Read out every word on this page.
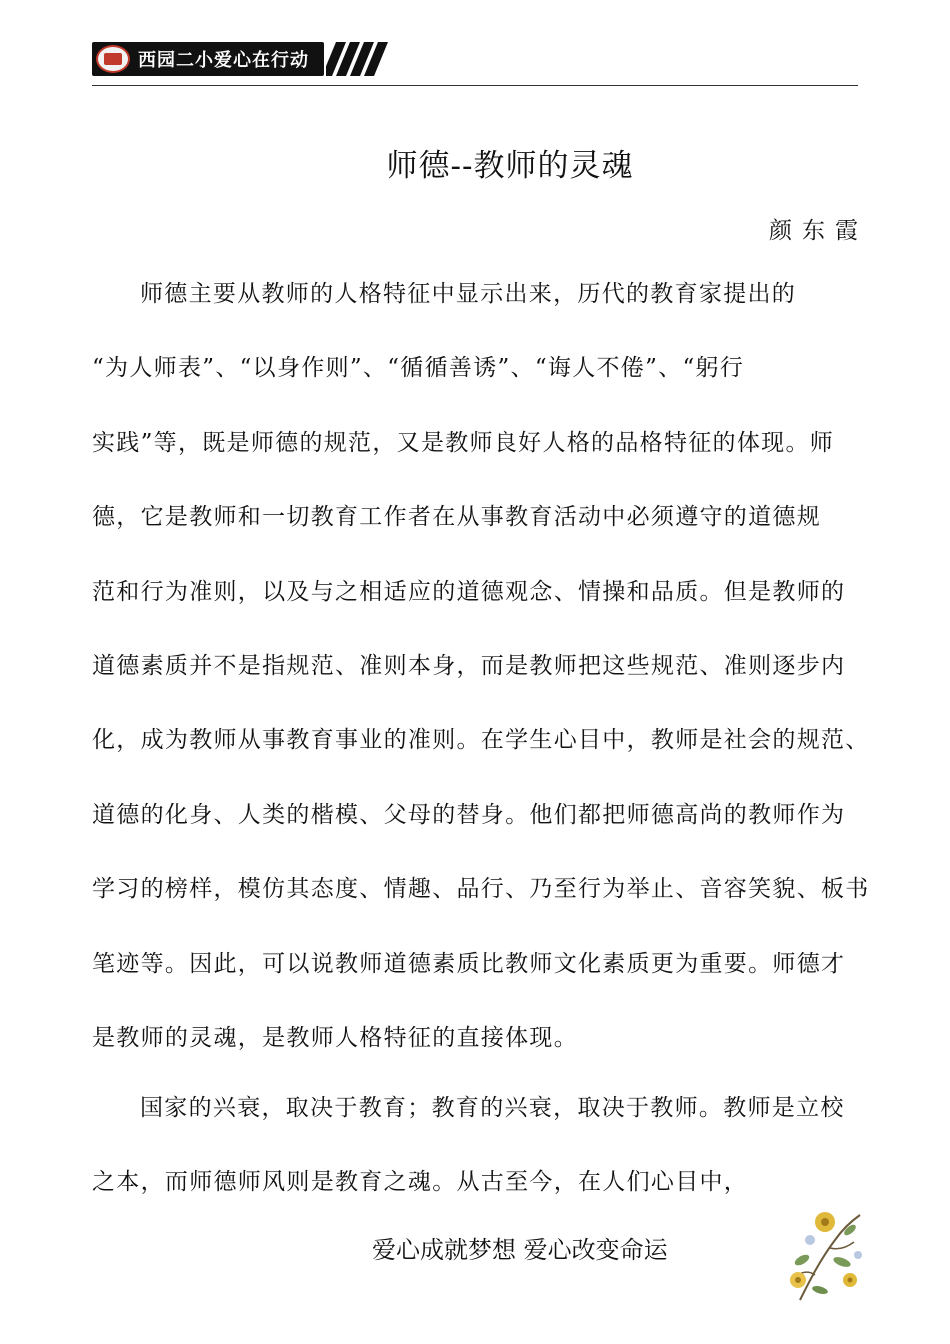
西园二小爱心在行动
师德--教师的灵魂
颜东霞
师德主要从教师的人格特征中显示出来，历代的教育家提出的
“为人师表”、“以身作则”、“循循善诱”、“诲人不倦”、“躬行
实践”等，既是师德的规范，又是教师良好人格的品格特征的体现。师
德，它是教师和一切教育工作者在从事教育活动中必须遵守的道德规
范和行为准则，以及与之相适应的道德观念、情操和品质。但是教师的
道德素质并不是指规范、准则本身，而是教师把这些规范、准则逐步内
化，成为教师从事教育事业的准则。在学生心目中，教师是社会的规范、
道德的化身、人类的楷模、父母的替身。他们都把师德高尚的教师作为
学习的榜样，模仿其态度、情趣、品行、乃至行为举止、音容笑貌、板书
笔迹等。因此，可以说教师道德素质比教师文化素质更为重要。师德才
是教师的灵魂，是教师人格特征的直接体现。
国家的兴衰，取决于教育；教育的兴衰，取决于教师。教师是立校
之本，而师德师风则是教育之魂。从古至今，在人们心目中，
爱心成就梦想 爱心改变命运
